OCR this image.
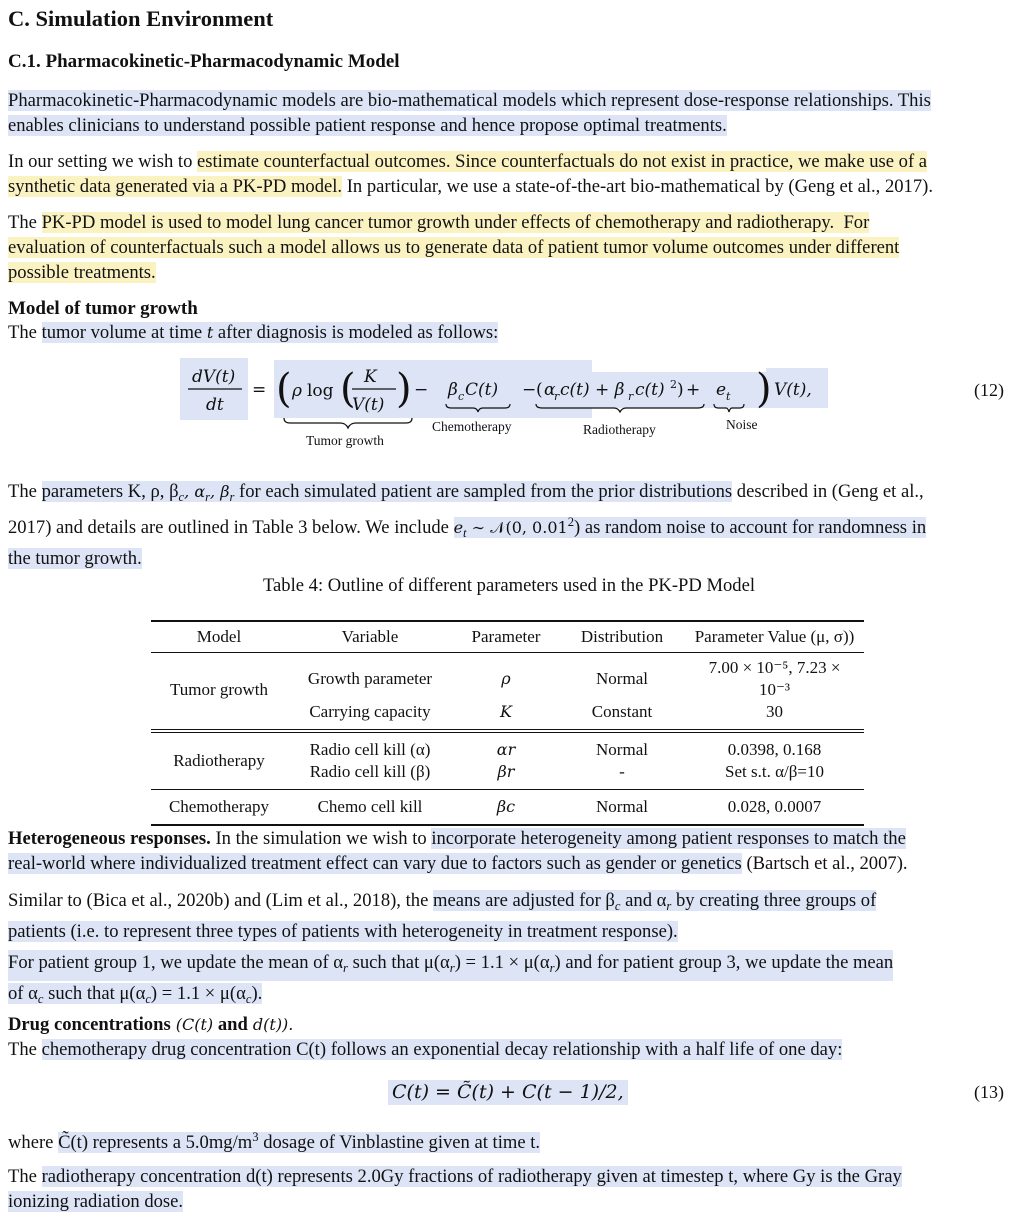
C. Simulation Environment
C.1. Pharmacokinetic-Pharmacodynamic Model
Pharmacokinetic-Pharmacodynamic models are bio-mathematical models which represent dose-response relationships. This
enables clinicians to understand possible patient response and hence propose optimal treatments.
In our setting we wish to estimate counterfactual outcomes. Since counterfactuals do not exist in practice, we make use of a
synthetic data generated via a PK-PD model. In particular, we use a state-of-the-art bio-mathematical by (Geng et al., 2017).
The PK-PD model is used to model lung cancer tumor growth under effects of chemotherapy and radiotherapy.  For
evaluation of counterfactuals such a model allows us to generate data of patient tumor volume outcomes under different
possible treatments.
Model of tumor growth
The tumor volume at time t after diagnosis is modeled as follows:
dV(t)
dt
= ( ρ log ( K
V(t) ) − β c C(t) − ( α
r c(t) + β r c(t) 2 ) + e t ) V(t),
Tumor growth
Chemotherapy	Radiotherapy	Noise
(12)
The parameters K, ρ, $\beta_c$, $\alpha_r$, $\beta_r$ for each simulated patient are sampled from the prior distributions described in (Geng et al.,
2017) and details are outlined in Table 3 below. We include $e_t$ ∼ 𝒩(0, 0.01$^2$) as random noise to account for randomness in
the tumor growth.
Table 4: Outline of different parameters used in the PK-PD Model
Model	Variable	Parameter	Distribution	Parameter Value (μ, σ))
Tumor growth	Growth parameter	ρ	Normal	7.00 × 10⁻⁵, 7.23 × 10⁻³
	Carrying capacity	K	Constant	30
Radiotherapy	Radio cell kill (α)	αr	Normal	0.0398, 0.168
	Radio cell kill (β)	βr	-	Set s.t. α/β=10
Chemotherapy	Chemo cell kill	βc	Normal	0.028, 0.0007
Heterogeneous responses. In the simulation we wish to incorporate heterogeneity among patient responses to match the
real-world where individualized treatment effect can vary due to factors such as gender or genetics (Bartsch et al., 2007).
Similar to (Bica et al., 2020b) and (Lim et al., 2018), the means are adjusted for $\beta_c$ and $\alpha_r$ by creating three groups of
patients (i.e. to represent three types of patients with heterogeneity in treatment response).
For patient group 1, we update the mean of $\alpha_r$ such that $\mu(\alpha_r) = 1.1 \times \mu(\alpha_r)$ and for patient group 3, we update the mean
of $\alpha_c$ such that $\mu(\alpha_c) = 1.1 \times \mu(\alpha_c)$.
Drug concentrations (C(t) and d(t)).
The chemotherapy drug concentration C(t) follows an exponential decay relationship with a half life of one day:
C(t) = C̃(t) + C(t − 1)/2,	(13)
where C̃(t) represents a $5.0mg/m^3$ dosage of Vinblastine given at time t.
The radiotherapy concentration d(t) represents 2.0Gy fractions of radiotherapy given at timestep t, where Gy is the Gray
ionizing radiation dose.
